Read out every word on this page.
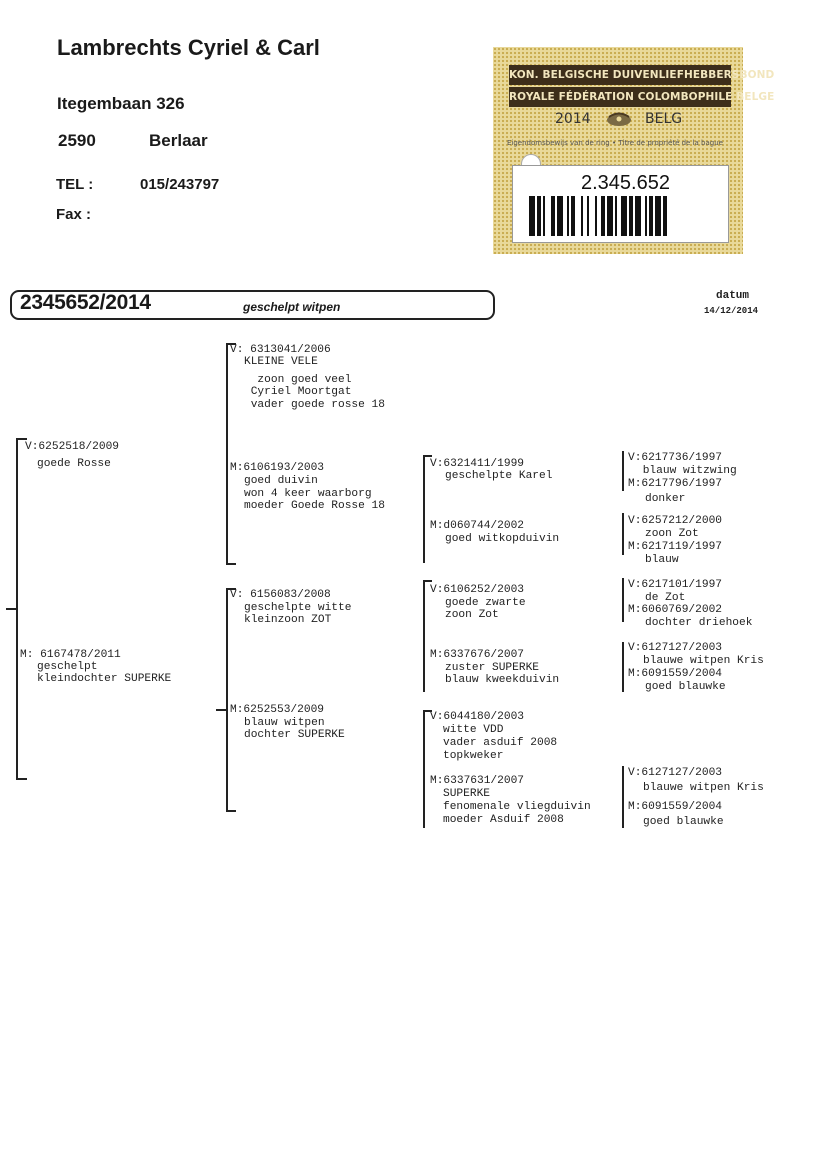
Lambrechts Cyriel & Carl
Itegembaan 326
2590	Berlaar
TEL :	015/243797
Fax :
KON. BELGISCHE DUIVENLIEFHEBBERSBOND
ROYALE FÉDÉRATION COLOMBOPHILE BELGE
2014	BELG
Eigendomsbewijs van de ring • Titre de propriété de la bague
2.345.652
2345652/2014	geschelpt witpen
datum
14/12/2014
V:6252518/2009
goede Rosse
M: 6167478/2011
geschelpt
kleindochter SUPERKE
V: 6313041/2006
KLEINE VELE
zoon goed veel
Cyriel Moortgat
vader goede rosse 18
M:6106193/2003
goed duivin
won 4 keer waarborg
moeder Goede Rosse 18
V: 6156083/2008
geschelpte witte
kleinzoon ZOT
M:6252553/2009
blauw witpen
dochter SUPERKE
V:6321411/1999
geschelpte Karel
M:d060744/2002
goed witkopduivin
V:6106252/2003
goede zwarte
zoon Zot
M:6337676/2007
zuster SUPERKE
blauw kweekduivin
V:6044180/2003
witte VDD
vader asduif 2008
topkweker
M:6337631/2007
SUPERKE
fenomenale vliegduivin
moeder Asduif 2008
V:6217736/1997
blauw witzwing
M:6217796/1997
donker
V:6257212/2000
zoon Zot
M:6217119/1997
blauw
V:6217101/1997
de Zot
M:6060769/2002
dochter driehoek
V:6127127/2003
blauwe witpen Kris
M:6091559/2004
goed blauwke
V:6127127/2003
blauwe witpen Kris
M:6091559/2004
goed blauwke
